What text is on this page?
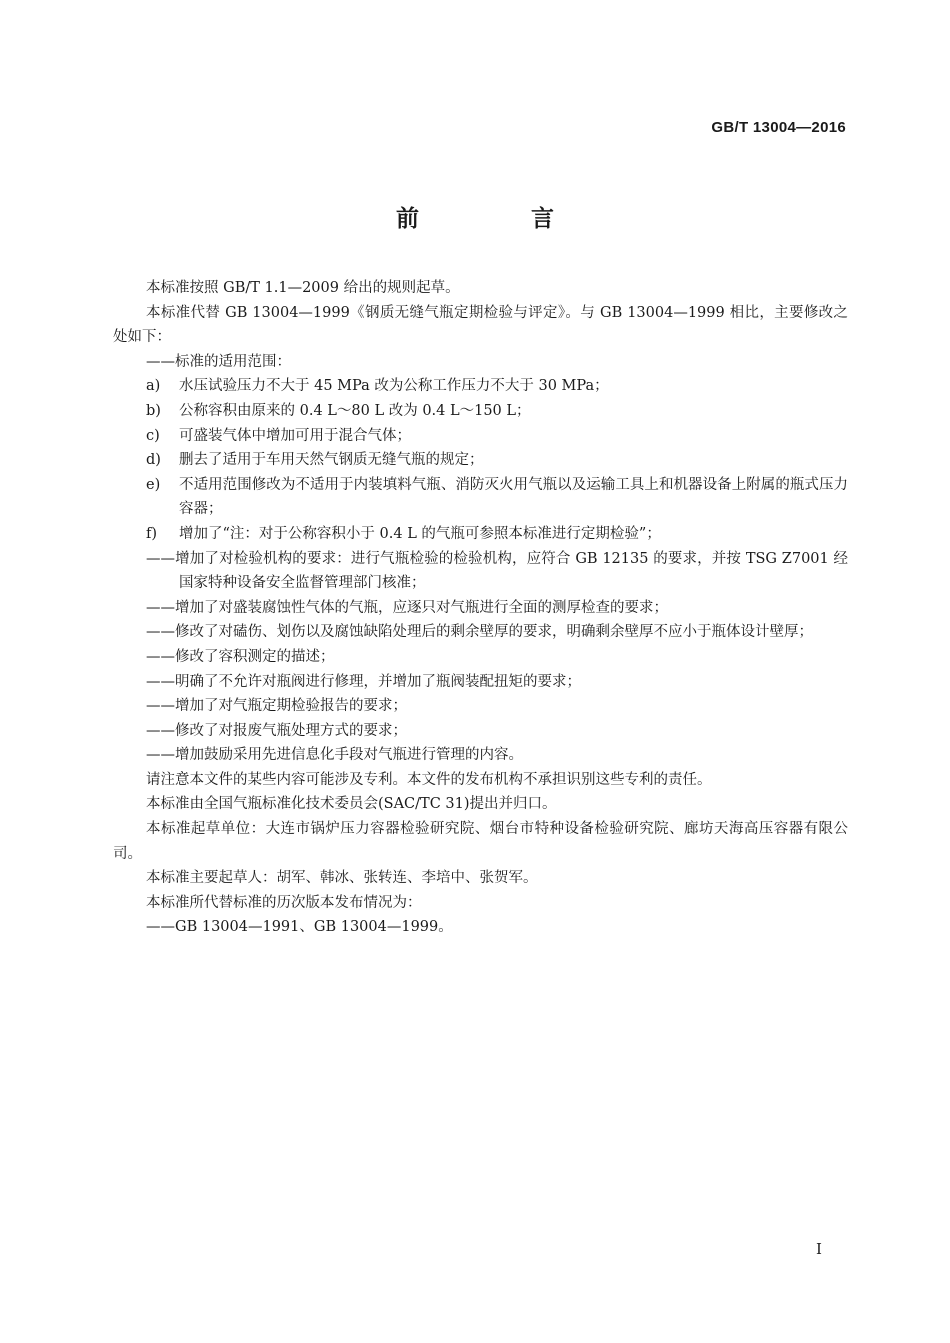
GB/T 13004—2016
前 言

本标准按照 GB/T 1.1—2009 给出的规则起草。

本标准代替 GB 13004—1999《钢质无缝气瓶定期检验与评定》。与 GB 13004—1999 相比，主要修改之处如下：

——标准的适用范围：

a) 水压试验压力不大于 45 MPa 改为公称工作压力不大于 30 MPa；

b) 公称容积由原来的 0.4 L～80 L 改为 0.4 L～150 L；

c) 可盛装气体中增加可用于混合气体；

d) 删去了适用于车用天然气钢质无缝气瓶的规定；

e) 不适用范围修改为不适用于内装填料气瓶、消防灭火用气瓶以及运输工具上和机器设备上附属的瓶式压力容器；

f) 增加了“注：对于公称容积小于 0.4 L 的气瓶可参照本标准进行定期检验”；

——增加了对检验机构的要求：进行气瓶检验的检验机构，应符合 GB 12135 的要求，并按 TSG Z7001 经国家特种设备安全监督管理部门核准；

——增加了对盛装腐蚀性气体的气瓶，应逐只对气瓶进行全面的测厚检查的要求；

——修改了对磕伤、划伤以及腐蚀缺陷处理后的剩余壁厚的要求，明确剩余壁厚不应小于瓶体设计壁厚；

——修改了容积测定的描述；

——明确了不允许对瓶阀进行修理，并增加了瓶阀装配扭矩的要求；

——增加了对气瓶定期检验报告的要求；

——修改了对报废气瓶处理方式的要求；

——增加鼓励采用先进信息化手段对气瓶进行管理的内容。

请注意本文件的某些内容可能涉及专利。本文件的发布机构不承担识别这些专利的责任。

本标准由全国气瓶标准化技术委员会(SAC/TC 31)提出并归口。

本标准起草单位：大连市锅炉压力容器检验研究院、烟台市特种设备检验研究院、廊坊天海高压容器有限公司。

本标准主要起草人：胡军、韩冰、张转连、李培中、张贺军。

本标准所代替标准的历次版本发布情况为：

——GB 13004—1991、GB 13004—1999。

I
